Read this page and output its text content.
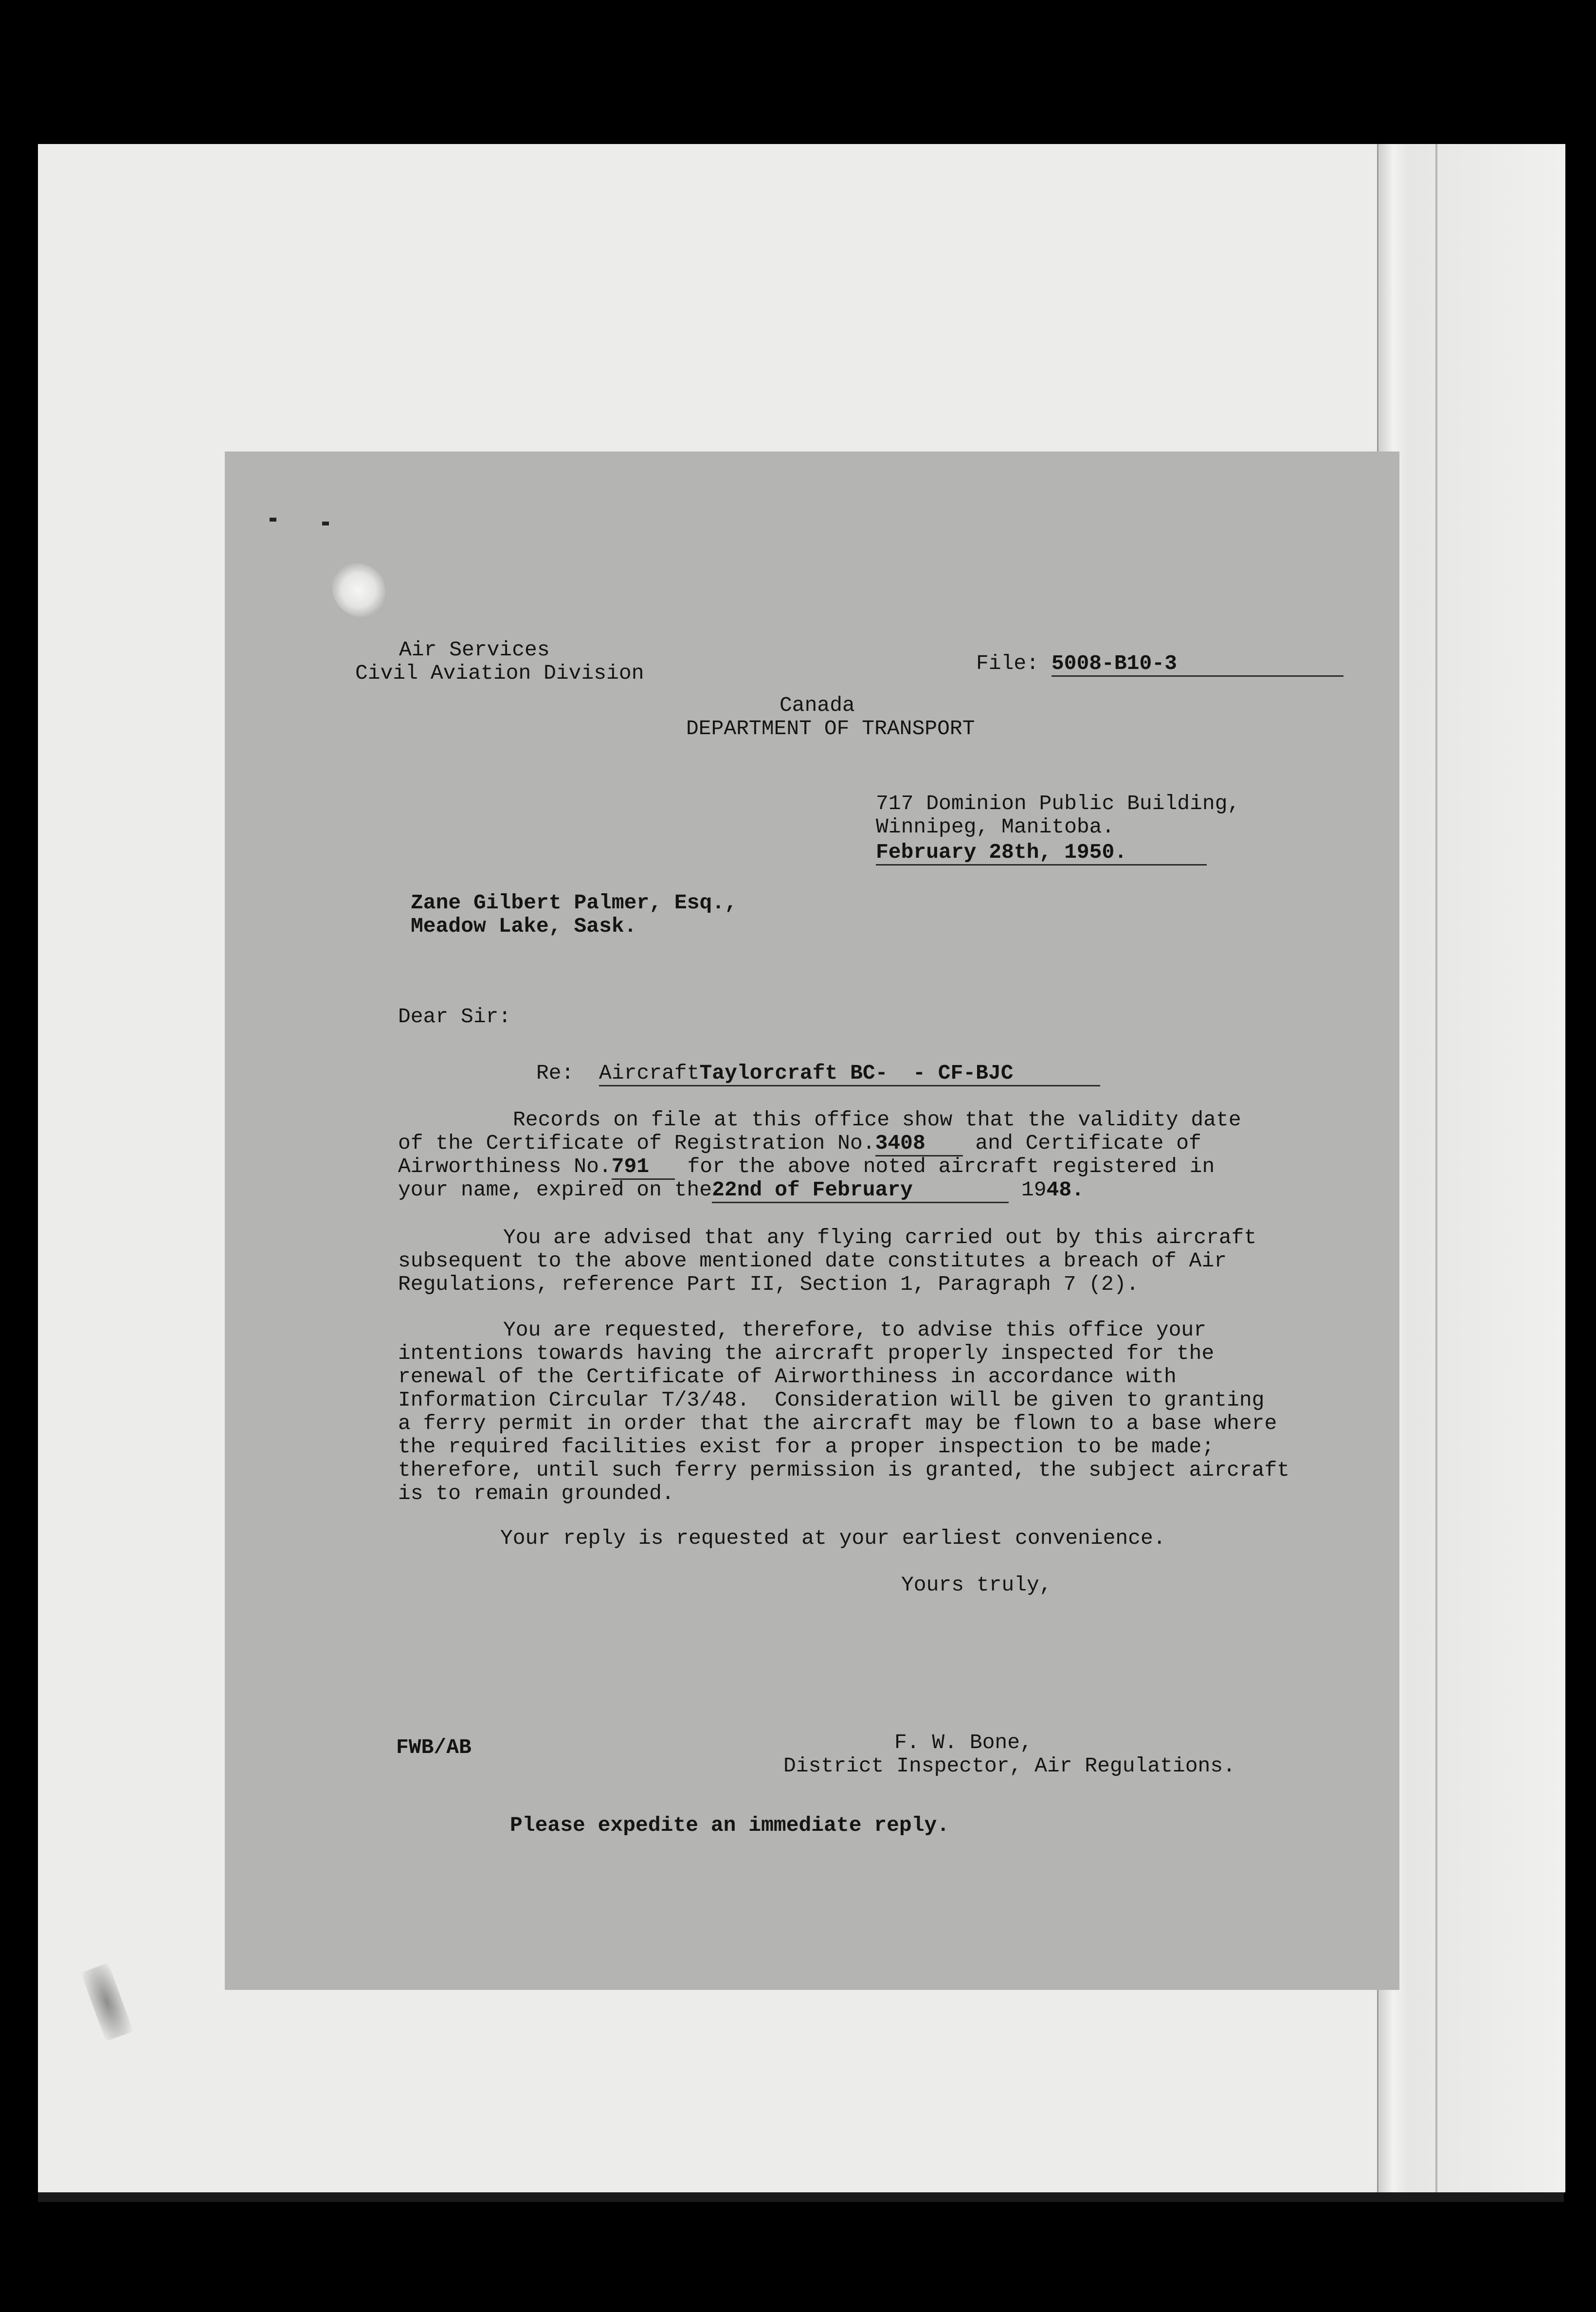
Air Services
Civil Aviation Division	File: 5008-B10-3
Canada
DEPARTMENT OF TRANSPORT
717 Dominion Public Building,
Winnipeg, Manitoba.
February 28th, 1950.
Zane Gilbert Palmer, Esq.,
Meadow Lake, Sask.
Dear Sir:
Re: AircraftTaylorcraft BC-  - CF-BJC
Records on file at this office show that the validity date
of the Certificate of Registration No.3408 and Certificate of
Airworthiness No.791 for the above noted aircraft registered in
your name, expired on the22nd of February	1948.
You are advised that any flying carried out by this aircraft
subsequent to the above mentioned date constitutes a breach of Air
Regulations, reference Part II, Section 1, Paragraph 7 (2).
You are requested, therefore, to advise this office your
intentions towards having the aircraft properly inspected for the
renewal of the Certificate of Airworthiness in accordance with
Information Circular T/3/48.  Consideration will be given to granting
a ferry permit in order that the aircraft may be flown to a base where
the required facilities exist for a proper inspection to be made;
therefore, until such ferry permission is granted, the subject aircraft
is to remain grounded.
Your reply is requested at your earliest convenience.
Yours truly,
FWB/AB	F. W. Bone,
District Inspector, Air Regulations.
Please expedite an immediate reply.
